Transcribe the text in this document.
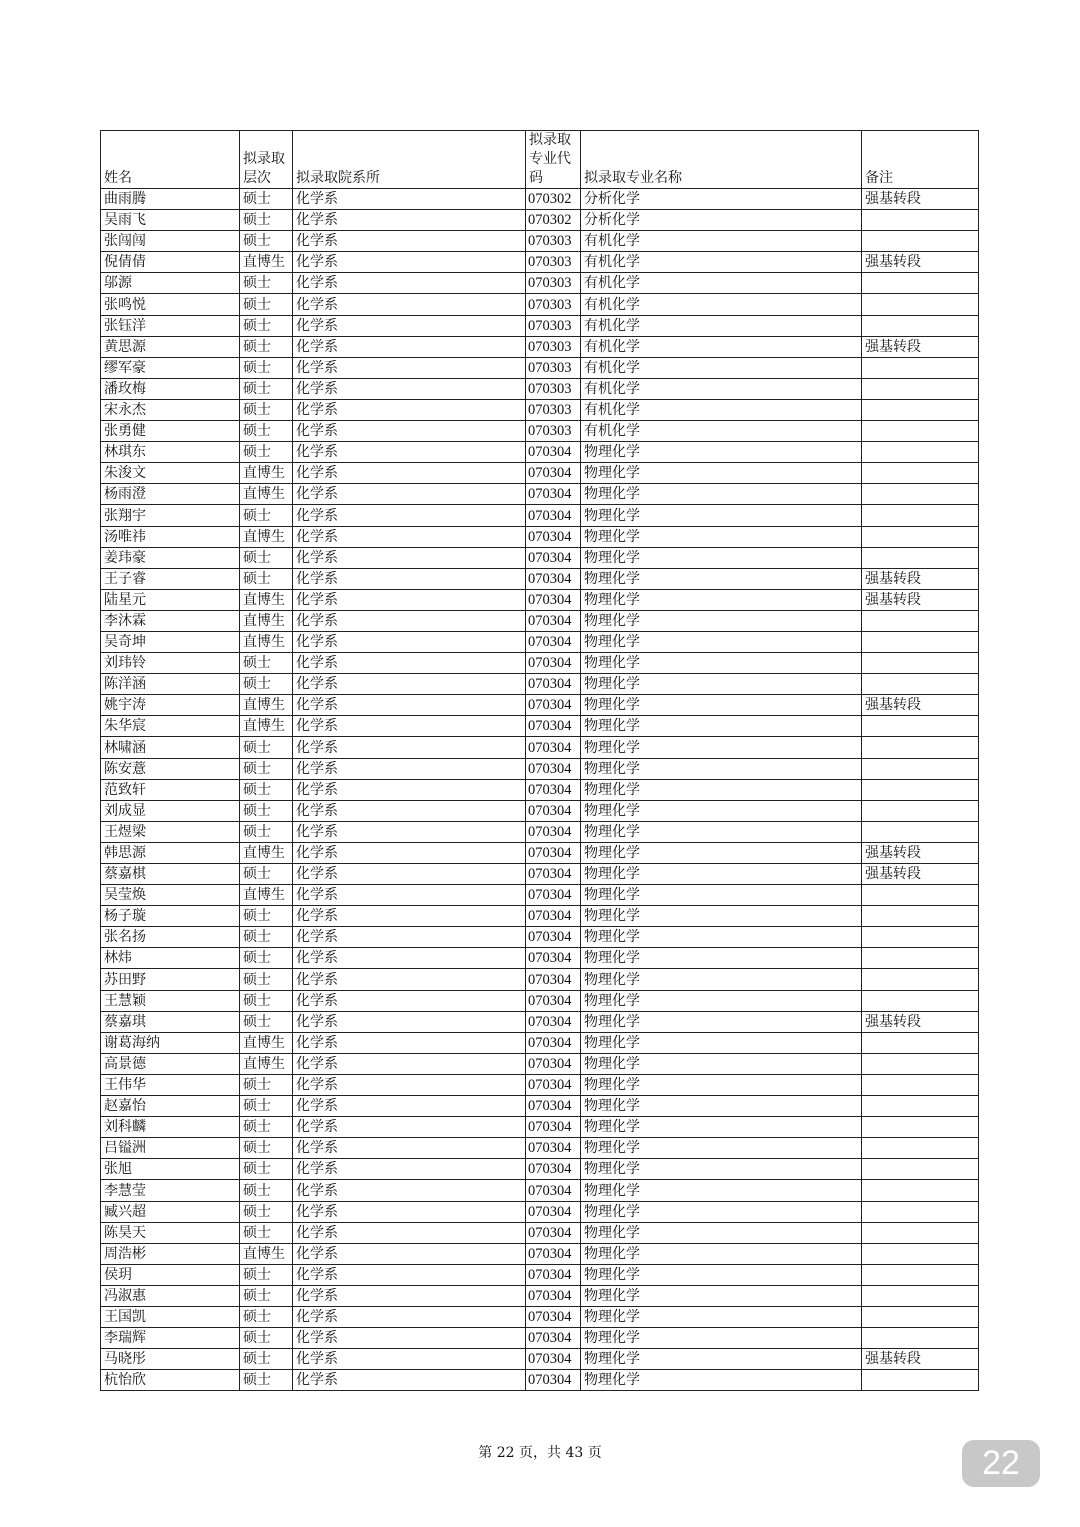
姓名	拟录取层次	拟录取院系所	拟录取专业代码	拟录取专业名称	备注
曲雨腾	硕士	化学系	070302	分析化学	强基转段
吴雨飞	硕士	化学系	070302	分析化学	
张闯闯	硕士	化学系	070303	有机化学	
倪倩倩	直博生	化学系	070303	有机化学	强基转段
邬源	硕士	化学系	070303	有机化学	
张鸣悦	硕士	化学系	070303	有机化学	
张钰洋	硕士	化学系	070303	有机化学	
黄思源	硕士	化学系	070303	有机化学	强基转段
缪军豪	硕士	化学系	070303	有机化学	
潘玫梅	硕士	化学系	070303	有机化学	
宋永杰	硕士	化学系	070303	有机化学	
张勇健	硕士	化学系	070303	有机化学	
林琪东	硕士	化学系	070304	物理化学	
朱浚文	直博生	化学系	070304	物理化学	
杨雨澄	直博生	化学系	070304	物理化学	
张翔宇	硕士	化学系	070304	物理化学	
汤唯祎	直博生	化学系	070304	物理化学	
姜玮豪	硕士	化学系	070304	物理化学	
王子睿	硕士	化学系	070304	物理化学	强基转段
陆星元	直博生	化学系	070304	物理化学	强基转段
李沐霖	直博生	化学系	070304	物理化学	
吴奇坤	直博生	化学系	070304	物理化学	
刘玮铃	硕士	化学系	070304	物理化学	
陈洋涵	硕士	化学系	070304	物理化学	
姚宇涛	直博生	化学系	070304	物理化学	强基转段
朱华宸	直博生	化学系	070304	物理化学	
林啸涵	硕士	化学系	070304	物理化学	
陈安薏	硕士	化学系	070304	物理化学	
范致轩	硕士	化学系	070304	物理化学	
刘成显	硕士	化学系	070304	物理化学	
王煜梁	硕士	化学系	070304	物理化学	
韩思源	直博生	化学系	070304	物理化学	强基转段
蔡嘉棋	硕士	化学系	070304	物理化学	强基转段
吴莹焕	直博生	化学系	070304	物理化学	
杨子璇	硕士	化学系	070304	物理化学	
张名扬	硕士	化学系	070304	物理化学	
林炜	硕士	化学系	070304	物理化学	
苏田野	硕士	化学系	070304	物理化学	
王慧颖	硕士	化学系	070304	物理化学	
蔡嘉琪	硕士	化学系	070304	物理化学	强基转段
谢葛海纳	直博生	化学系	070304	物理化学	
高景德	直博生	化学系	070304	物理化学	
王伟华	硕士	化学系	070304	物理化学	
赵嘉怡	硕士	化学系	070304	物理化学	
刘科麟	硕士	化学系	070304	物理化学	
吕镒洲	硕士	化学系	070304	物理化学	
张旭	硕士	化学系	070304	物理化学	
李慧莹	硕士	化学系	070304	物理化学	
臧兴超	硕士	化学系	070304	物理化学	
陈昊天	硕士	化学系	070304	物理化学	
周浩彬	直博生	化学系	070304	物理化学	
侯玥	硕士	化学系	070304	物理化学	
冯淑惠	硕士	化学系	070304	物理化学	
王国凯	硕士	化学系	070304	物理化学	
李瑞辉	硕士	化学系	070304	物理化学	
马晓彤	硕士	化学系	070304	物理化学	强基转段
杭怡欣	硕士	化学系	070304	物理化学	
第 22 页，共 43 页	22
